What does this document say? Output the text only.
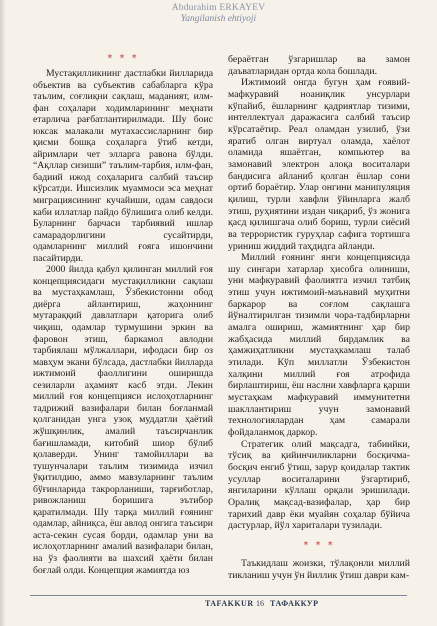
Abdurahim ERKAYEV
Yangilanish ehtiyoji
* * *

Мустақилликнинг дастлабки йилларида объектив ва субъектив сабабларга кўра таълим, соғлиқни сақлаш, маданият, илм-фан соҳалари ходимларининг меҳнати етарлича рағбатлантирилмади. Шу боис юксак малакали мутахассисларнинг бир қисми бошқа соҳаларга ўтиб кетди, айримлари чет элларга равона бўлди. “Ақллар сизиши” таълим-тарбия, илм-фан, бадиий ижод соҳаларига салбий таъсир кўрсатди. Ишсизлик муаммоси эса меҳнат миграциясининг кучайиши, одам савдоси каби иллатлар пайдо бўлишига олиб келди. Буларнинг барчаси тарбиявий ишлар самарадорлигини сусайтирди, одамларнинг миллий ғояга ишончини пасайтирди.

2000 йилда қабул қилинган миллий ғоя концепциясидаги мустақилликни сақлаш ва мустаҳкамлаш, Ўзбекистонни обод диёрга айлантириш, жаҳоннинг мутараққий давлатлари қаторига олиб чиқиш, одамлар турмушини эркин ва фаровон этиш, баркамол авлодни тарбиялаш мўлжаллари, ифодаси бир оз мавҳум экани бўлсада, дастлабки йилларда ижтимоий фаоллигини оширишда сезиларли аҳамият касб этди. Лекин миллий ғоя концепцияси ислоҳотларнинг тадрижий вазифалари билан боғланмай қолганидан унга узоқ муддатли ҳаётий жўшқинлик, амалий таъсирчанлик бағишламади, китобий шиор бўлиб қолаверди. Унинг тамойиллари ва тушунчалари таълим тизимида изчил ўқитилдию, аммо мавзуларнинг таълим бўғинларида такрорланиши, тарғиботлар, ривожланиш боришига эътибор қаратилмади. Шу тарқа миллий ғоянинг одамлар, айниқса, ёш авлод онгига таъсири аста-секин сусая борди, одамлар уни ва ислоҳотларнинг амалий вазифалари билан, на ўз фаолияти ва шахсий ҳаёти билан боғлай олди. Концепция жамиятда юз

бераётган ўзгаришлар ва замон даъватларидан ортда кола бошлади.

Ижтимоий онгда бугун ҳам ғоявий-мафкуравий ноаниқлик унсурлари кўпайиб, ёшларнинг қадриятлар тизими, интеллектуал даражасига салбий таъсир кўрсатаётир. Реал оламдан узилиб, ўзи яратиб олган виртуал оламда, хаёлот оламида яшаётган, компьютер ва замонавий электрон алоқа воситалари бандисига айланиб қолган ёшлар сони ортиб бораётир. Улар онгини манипуляция қилиш, турли хавфли ўйинларга жалб этиш, руҳиятини издан чиқариб, ўз жонига қасд қилишгача олиб бориш, турли сиёсий ва террористик гуруҳлар сафига тортишга уриниш жиддий таҳдидга айланди.

Миллий ғоянинг янги концепциясида шу сингари хатарлар ҳисобга олиниши, уни мафкуравий фаолиятга изчил татбиқ этиш учун ижтимоий-маънавий муҳитни баркарор ва соғлом сақлашга йўналтирилган тизимли чора-тадбирларни амалга ошириш, жамиятнинг ҳар бир жабҳасида миллий бирдамлик ва ҳамжиҳатликни мустаҳкамлаш талаб этилади. Кўп миллатли Ўзбекистон халқини миллий ғоя атрофида бирлаштириш, ёш наслни хавфларга қарши мустаҳкам мафкуравий иммунитетни шакллантириш учун замонавий технологиялардан ҳам самарали фойдаланмоқ даркор.

Стратегик олий мақсадга, табиийки, тўсиқ ва қийинчиликларни босқичма-босқич енгиб ўтиш, зарур қоидалар тактик усуллар воситаларини ўзгартириб, янгиларини кўллаш орқали эришилади. Оралиқ мақсад-вазифалар, ҳар бир тарихий давр ёки муайян соҳалар бўйича дастурлар, йўл хариталари тузилади.

* * *

Таъкидлаш жоизки, тўлақонли миллий тикланиш учун ўн йиллик ўтиш даври кам-

TAFAKKUR 16 ТАФАККУР
